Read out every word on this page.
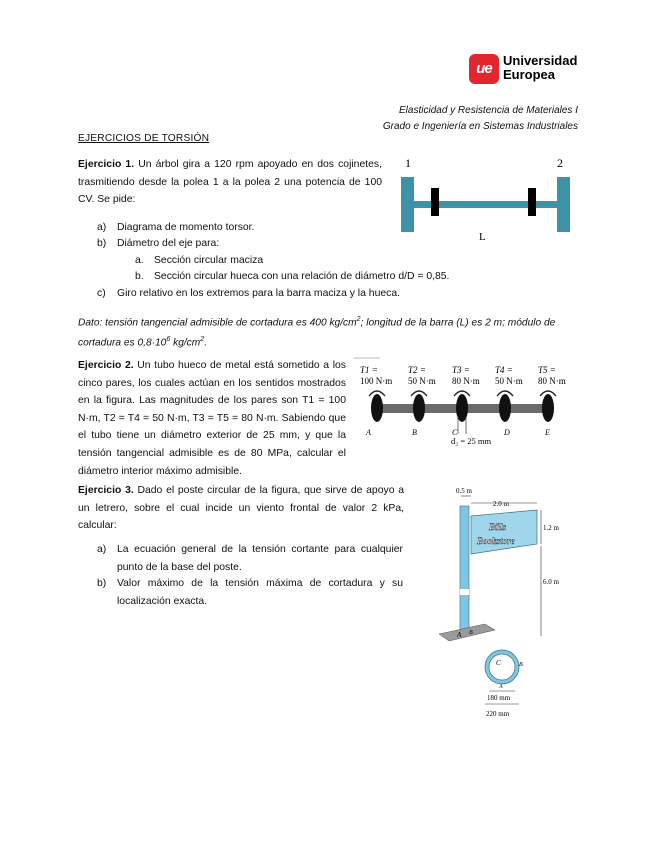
ue Universidad
Europea
Elasticidad y Resistencia de Materiales I
Grado e Ingeniería en Sistemas Industriales
EJERCICIOS DE TORSIÓN
Ejercicio 1. Un árbol gira a 120 rpm apoyado en dos cojinetes, trasmitiendo desde la polea 1 a la polea 2 una potencia de 100 CV. Se pide:
a) Diagrama de momento torsor.
b) Diámetro del eje para:
a. Sección circular maciza
b. Sección circular hueca con una relación de diámetro d/D = 0,85.
c) Giro relativo en los extremos para la barra maciza y la hueca.
Dato: tensión tangencial admisible de cortadura es 400 $kg/cm^2$; longitud de la barra (L) es 2 m; módulo de cortadura es $0,8\cdot 10^6$ $kg/cm^2$.
1	2
L
Ejercicio 2. Un tubo hueco de metal está sometido a los cinco pares, los cuales actúan en los sentidos mostrados en la figura. Las magnitudes de los pares son T1 = 100 N·m, T2 = T4 = 50 N·m, T3 = T5 = 80 N·m. Sabiendo que el tubo tiene un diámetro exterior de 25 mm, y que la tensión tangencial admisible es de 80 MPa, calcular el diámetro interior máximo admisible.
T1 =
100 N·m
T2 =
50 N·m
T3 =
80 N·m
T4 =
50 N·m
T5 =
80 N·m
A	B	C	D	E
d₂ = 25 mm
Ejercicio 3. Dado el poste circular de la figura, que sirve de apoyo a un letrero, sobre el cual incide un viento frontal de valor 2 kPa, calcular:
a) La ecuación general de la tensión cortante para cualquier punto de la base del poste.
b) Valor máximo de la tensión máxima de cortadura y su localización exacta.
0.5 m
2.0 m
Bills
Bookstore
1.2 m
6.0 m
A B
C	B
A
180 mm
220 mm
